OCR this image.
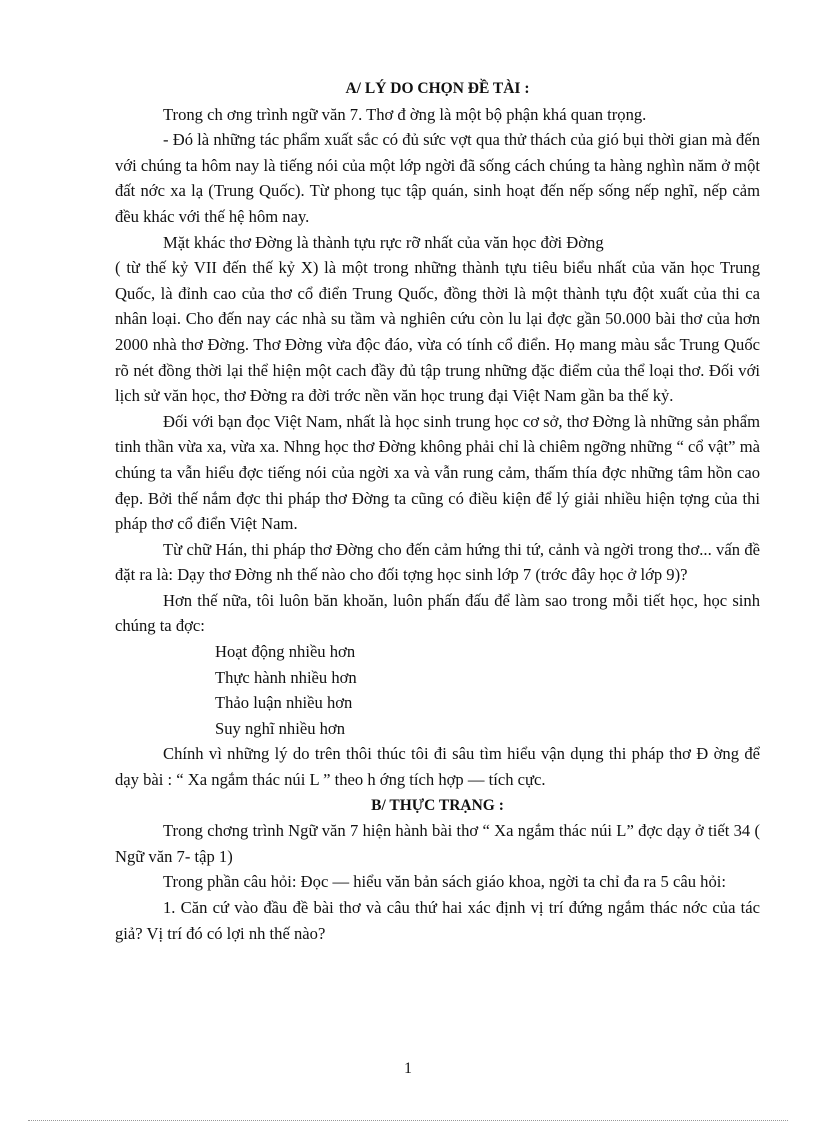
A/ LÝ DO CHỌN ĐỀ TÀI :

Trong ch ơng trình ngữ văn 7. Thơ đ ờng là một bộ phận khá quan trọng.

- Đó là những tác phẩm xuất sắc có đủ sức vợt qua thử thách của gió bụi thời gian mà đến với chúng ta hôm nay là tiếng nói của một lớp ngời đã sống cách chúng ta hàng nghìn năm ở một đất nớc xa lạ (Trung Quốc). Từ phong tục tập quán, sinh hoạt đến nếp sống nếp nghĩ, nếp cảm đều khác với thế hệ hôm nay.

Mặt khác thơ Đờng là thành tựu rực rỡ nhất của văn học đời Đờng

( từ thế kỷ VII đến thế kỷ X) là một trong những thành tựu tiêu biểu nhất của văn học Trung Quốc, là đỉnh cao của thơ cổ điển Trung Quốc, đồng thời là một thành tựu đột xuất của thi ca nhân loại. Cho đến nay các nhà su tầm và nghiên cứu còn lu lại đợc gần 50.000 bài thơ của hơn 2000 nhà thơ Đờng. Thơ Đờng vừa độc đáo, vừa có tính cổ điển. Họ mang màu sắc Trung Quốc rõ nét đồng thời lại thể hiện một cach đầy đủ tập trung những đặc điểm của thể loại thơ. Đối với lịch sử văn học, thơ Đờng ra đời trớc nền văn học trung đại Việt Nam gần ba thế kỷ.

Đối với bạn đọc Việt Nam, nhất là học sinh trung học cơ sở, thơ Đờng là những sản phẩm tinh thần vừa xa, vừa xa. Nhng học thơ Đờng không phải chỉ là chiêm ngỡng những “ cổ vật” mà chúng ta vẫn hiểu đợc tiếng nói của ngời xa và vẫn rung cảm, thấm thía đợc những tâm hồn cao đẹp. Bởi thế nắm đợc thi pháp thơ Đờng ta cũng có điều kiện để lý giải nhiều hiện tợng của thi pháp thơ cổ điển Việt Nam.

Từ chữ Hán, thi pháp thơ Đờng cho đến cảm hứng thi tứ, cảnh và ngời trong thơ... vấn đề đặt ra là: Dạy thơ Đờng nh thế nào cho đối tợng học sinh lớp 7 (trớc đây học ở lớp 9)?

Hơn thế nữa, tôi luôn băn khoăn, luôn phấn đấu để làm sao trong mỗi tiết học, học sinh chúng ta đợc:

Hoạt động nhiều hơn

Thực hành nhiều hơn

Thảo luận nhiều hơn

Suy nghĩ nhiều hơn

Chính vì những lý do trên thôi thúc tôi đi sâu tìm hiểu vận dụng thi pháp thơ Đ ờng để dạy bài : “ Xa ngắm thác núi L ” theo h ớng tích hợp — tích cực.

B/ THỰC TRẠNG :

Trong chơng trình Ngữ văn 7 hiện hành bài thơ “ Xa ngắm thác núi L” đợc dạy ở tiết 34 ( Ngữ văn 7- tập 1)

Trong phần câu hỏi: Đọc — hiểu văn bản sách giáo khoa, ngời ta chỉ đa ra 5 câu hỏi:

1. Căn cứ vào đầu đề bài thơ và câu thứ hai xác định vị trí đứng ngắm thác nớc của tác giả? Vị trí đó có lợi nh thế nào?

1
